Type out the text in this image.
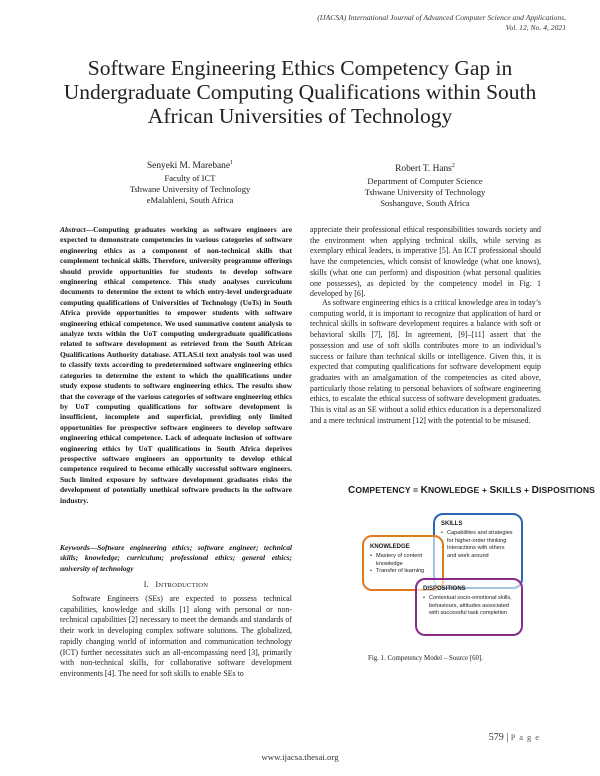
(IJACSA) International Journal of Advanced Computer Science and Applications,
Vol. 12, No. 4, 2021
Software Engineering Ethics Competency Gap in Undergraduate Computing Qualifications within South African Universities of Technology
Senyeki M. Marebane$^1$
Faculty of ICT
Tshwane University of Technology
eMalahleni, South Africa
Robert T. Hans$^2$
Department of Computer Science
Tshwane University of Technology
Soshanguve, South Africa
Abstract—Computing graduates working as software engineers are expected to demonstrate competencies in various categories of software engineering ethics as a component of non-technical skills that complement technical skills. Therefore, university programme offerings should provide opportunities for students to develop software engineering ethical competence. This study analyses curriculum documents to determine the extent to which entry-level undergraduate computing qualifications of Universities of Technology (UoTs) in South Africa provide opportunities to empower students with software engineering ethical competence. We used summative content analysis to analyze texts within the UoT computing undergraduate qualifications related to software development as retrieved from the South African Qualifications Authority database. ATLAS.ti text analysis tool was used to classify texts according to predetermined software engineering ethics categories to determine the extent to which the qualifications under study expose students to software engineering ethics. The results show that the coverage of the various categories of software engineering ethics by UoT computing qualifications for software development is insufficient, incomplete and superficial, providing only limited opportunities for prospective software engineers to develop software engineering ethical competence. Lack of adequate inclusion of software engineering ethics by UoT qualifications in South Africa deprives prospective software engineers an opportunity to develop ethical competence required to become ethically successful software engineers. Such limited exposure by software development graduates risks the development of potentially unethical software products in the software industry.
Keywords—Software engineering ethics; software engineer; technical skills; knowledge; curriculum; professional ethics; general ethics; university of technology
I. INTRODUCTION

Software Engineers (SEs) are expected to possess technical capabilities, knowledge and skills [1] along with personal or non-technical capabilities [2] necessary to meet the demands and standards of their work in developing complex software solutions. The globalized, rapidly changing world of information and communication technology (ICT) further necessitates such an all-encompassing need [3], primarily with non-technical skills, for collaborative software development environments [4]. The need for soft skills to enable SEs to

appreciate their professional ethical responsibilities towards society and the environment when applying technical skills, while serving as exemplary ethical leaders, is imperative [5]. An ICT professional should have the competencies, which consist of knowledge (what one knows), skills (what one can perform) and disposition (what personal qualities one possesses), as depicted by the competency model in Fig. 1 developed by [6].

As software engineering ethics is a critical knowledge area in today’s computing world, it is important to recognize that application of hard or technical skills in software development requires a balance with soft or behavioral skills [7], [8]. In agreement, [9]–[11] assert that the possession and use of soft skills contributes more to an individual’s success or failure than technical skills or intelligence. Given this, it is expected that computing qualifications for software development equip graduates with an amalgamation of the competencies as cited above, particularly those relating to personal behaviors of software engineering ethics, to escalate the ethical success of software development graduates. This is vital as an SE without a solid ethics education is a depersonalized and a mere technical instrument [12] with the potential to be misused.

COMPETENCY = KNOWLEDGE + SKILLS + DISPOSITIONS
SKILLS
• Capabilities and strategies for higher-order thinking
• Interactions with others and work around
KNOWLEDGE
• Mastery of content knowledge
• Transfer of learning
DISPOSITIONS
• Contextual socio-emotional skills, behaviours, attitudes associated with successful task completion
Fig. 1. Competency Model – Source [60].
579 | P a g e
www.ijacsa.thesai.org
